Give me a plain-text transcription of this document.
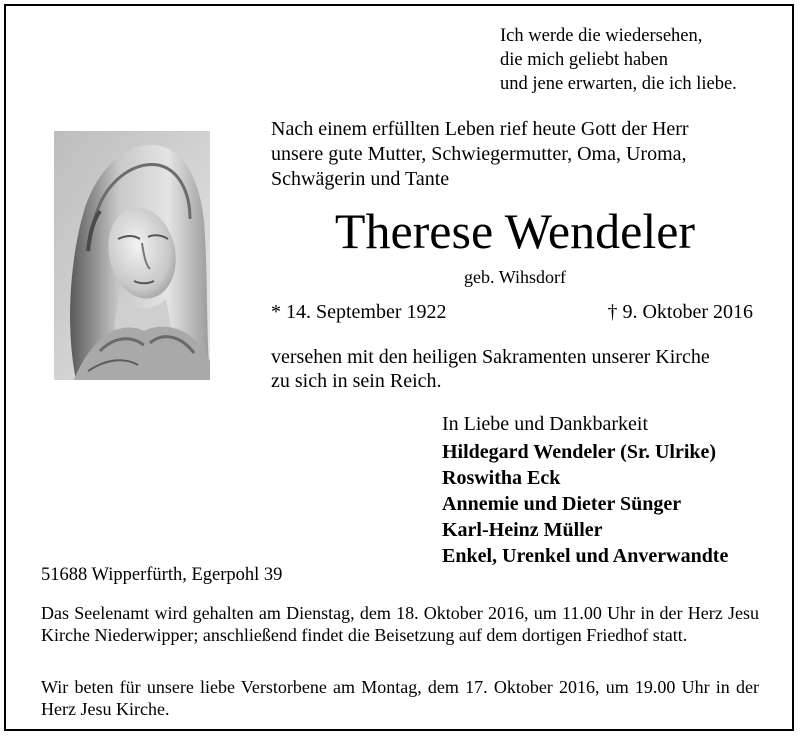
Ich werde die wiedersehen,
die mich geliebt haben
und jene erwarten, die ich liebe.
Nach einem erfüllten Leben rief heute Gott der Herr
unsere gute Mutter, Schwiegermutter, Oma, Uroma,
Schwägerin und Tante
Therese Wendeler
geb. Wihsdorf
* 14. September 1922	† 9. Oktober 2016
versehen mit den heiligen Sakramenten unserer Kirche
zu sich in sein Reich.
In Liebe und Dankbarkeit
Hildegard Wendeler (Sr. Ulrike)
Roswitha Eck
Annemie und Dieter Sünger
Karl-Heinz Müller
Enkel, Urenkel und Anverwandte
51688 Wipperfürth, Egerpohl 39
Das Seelenamt wird gehalten am Dienstag, dem 18. Oktober 2016, um 11.00 Uhr in der Herz Jesu Kirche Niederwipper; anschließend findet die Beisetzung auf dem dortigen Friedhof statt.
Wir beten für unsere liebe Verstorbene am Montag, dem 17. Oktober 2016, um 19.00 Uhr in der Herz Jesu Kirche.
